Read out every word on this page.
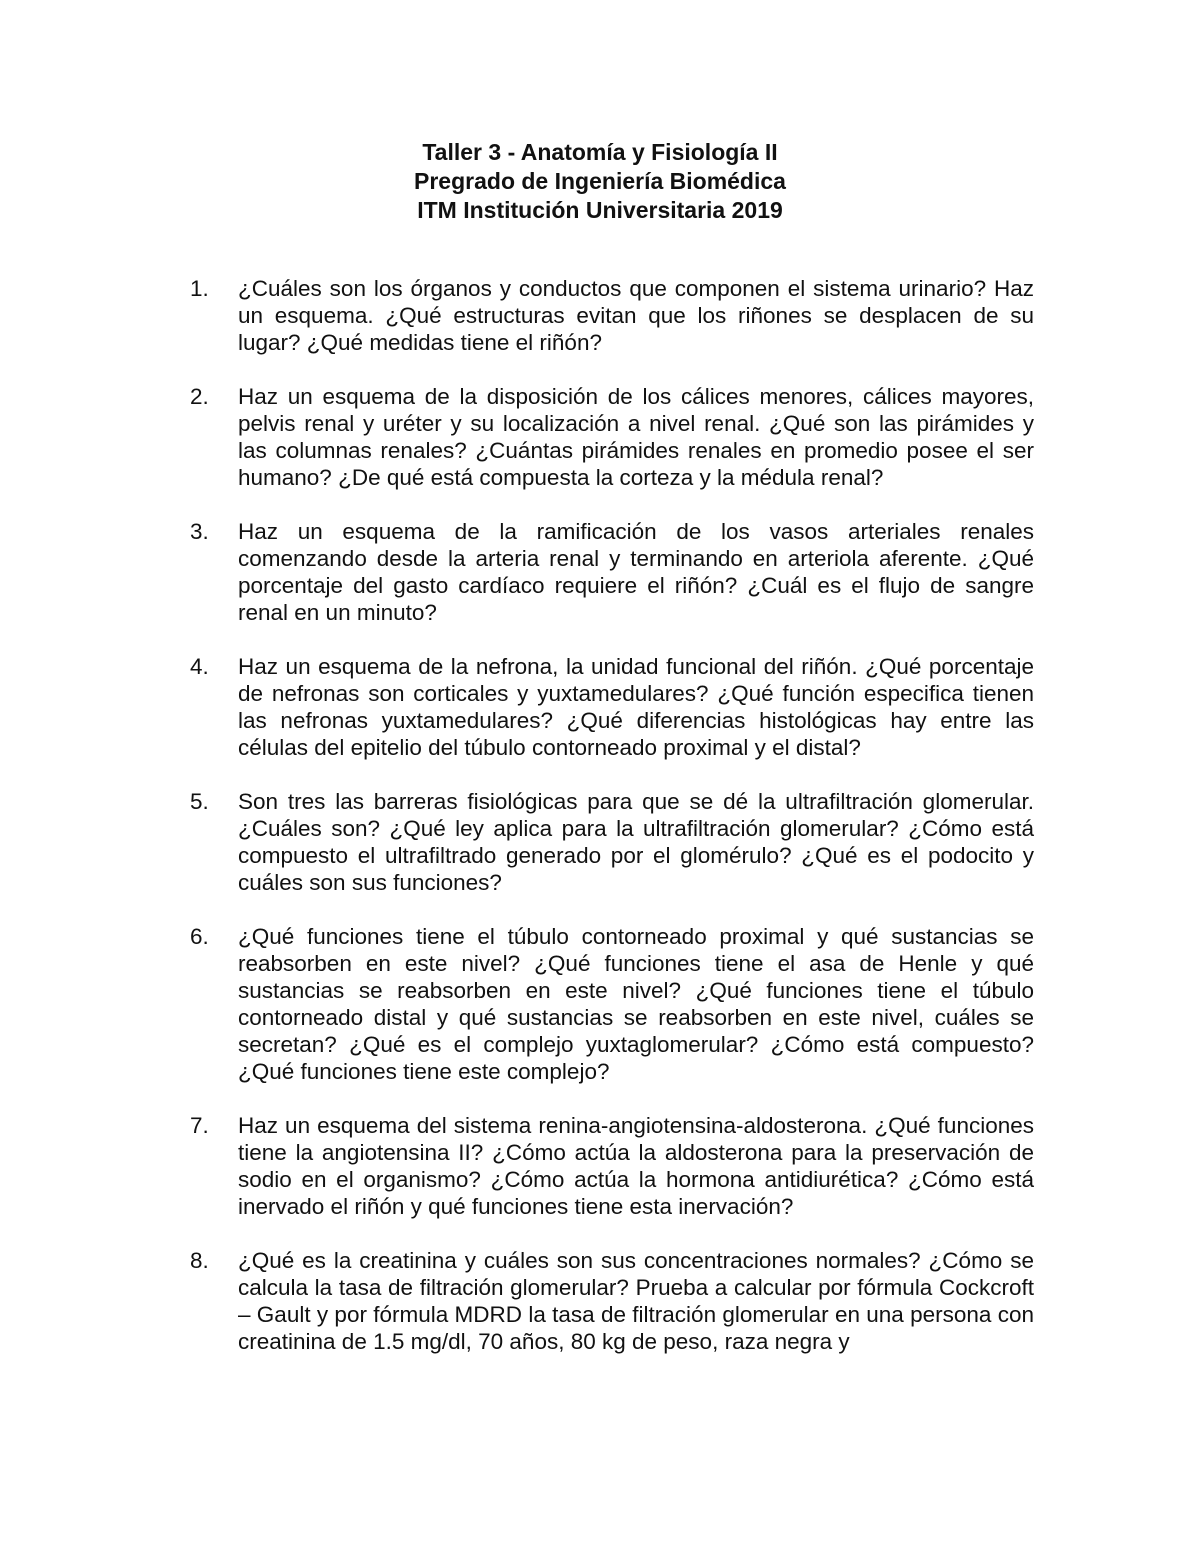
Taller 3 - Anatomía y Fisiología II
Pregrado de Ingeniería Biomédica
ITM Institución Universitaria 2019
1.	¿Cuáles son los órganos y conductos que componen el sistema urinario? Haz un esquema. ¿Qué estructuras evitan que los riñones se desplacen de su lugar? ¿Qué medidas tiene el riñón?
2.	Haz un esquema de la disposición de los cálices menores, cálices mayores, pelvis renal y uréter y su localización a nivel renal. ¿Qué son las pirámides y las columnas renales? ¿Cuántas pirámides renales en promedio posee el ser humano? ¿De qué está compuesta la corteza y la médula renal?
3.	Haz un esquema de la ramificación de los vasos arteriales renales comenzando desde la arteria renal y terminando en arteriola aferente. ¿Qué porcentaje del gasto cardíaco requiere el riñón? ¿Cuál es el flujo de sangre renal en un minuto?
4.	Haz un esquema de la nefrona, la unidad funcional del riñón. ¿Qué porcentaje de nefronas son corticales y yuxtamedulares? ¿Qué función especifica tienen las nefronas yuxtamedulares? ¿Qué diferencias histológicas hay entre las células del epitelio del túbulo contorneado proximal y el distal?
5.	Son tres las barreras fisiológicas para que se dé la ultrafiltración glomerular. ¿Cuáles son? ¿Qué ley aplica para la ultrafiltración glomerular? ¿Cómo está compuesto el ultrafiltrado generado por el glomérulo? ¿Qué es el podocito y cuáles son sus funciones?
6.	¿Qué funciones tiene el túbulo contorneado proximal y qué sustancias se reabsorben en este nivel? ¿Qué funciones tiene el asa de Henle y qué sustancias se reabsorben en este nivel? ¿Qué funciones tiene el túbulo contorneado distal y qué sustancias se reabsorben en este nivel, cuáles se secretan? ¿Qué es el complejo yuxtaglomerular? ¿Cómo está compuesto? ¿Qué funciones tiene este complejo?
7.	Haz un esquema del sistema renina-angiotensina-aldosterona. ¿Qué funciones tiene la angiotensina II? ¿Cómo actúa la aldosterona para la preservación de sodio en el organismo? ¿Cómo actúa la hormona antidiurética? ¿Cómo está inervado el riñón y qué funciones tiene esta inervación?
8.	¿Qué es la creatinina y cuáles son sus concentraciones normales? ¿Cómo se calcula la tasa de filtración glomerular? Prueba a calcular por fórmula Cockcroft – Gault y por fórmula MDRD la tasa de filtración glomerular en una persona con creatinina de 1.5 mg/dl, 70 años, 80 kg de peso, raza negra y
